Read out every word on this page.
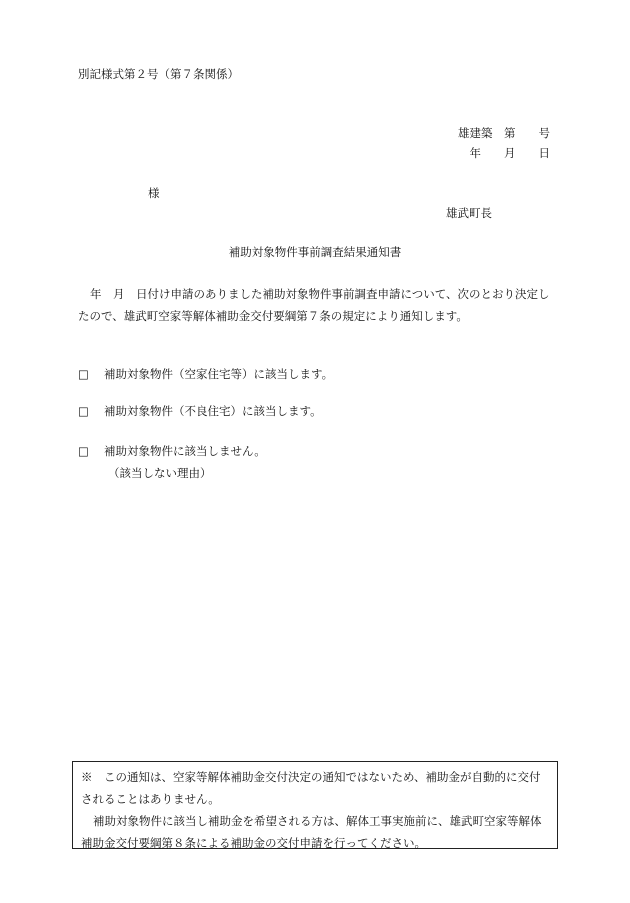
別記様式第２号（第７条関係）
雄建築　第　　号
年　　月　　日
様
雄武町長
補助対象物件事前調査結果通知書
年　月　日付け申請のありました補助対象物件事前調査申請について、次のとおり決定したので、雄武町空家等解体補助金交付要綱第７条の規定により通知します。
□ 補助対象物件（空家住宅等）に該当します。
□ 補助対象物件（不良住宅）に該当します。
□ 補助対象物件に該当しません。
（該当しない理由）

※　この通知は、空家等解体補助金交付決定の通知ではないため、補助金が自動的に交付されることはありません。

補助対象物件に該当し補助金を希望される方は、解体工事実施前に、雄武町空家等解体補助金交付要綱第８条による補助金の交付申請を行ってください。
